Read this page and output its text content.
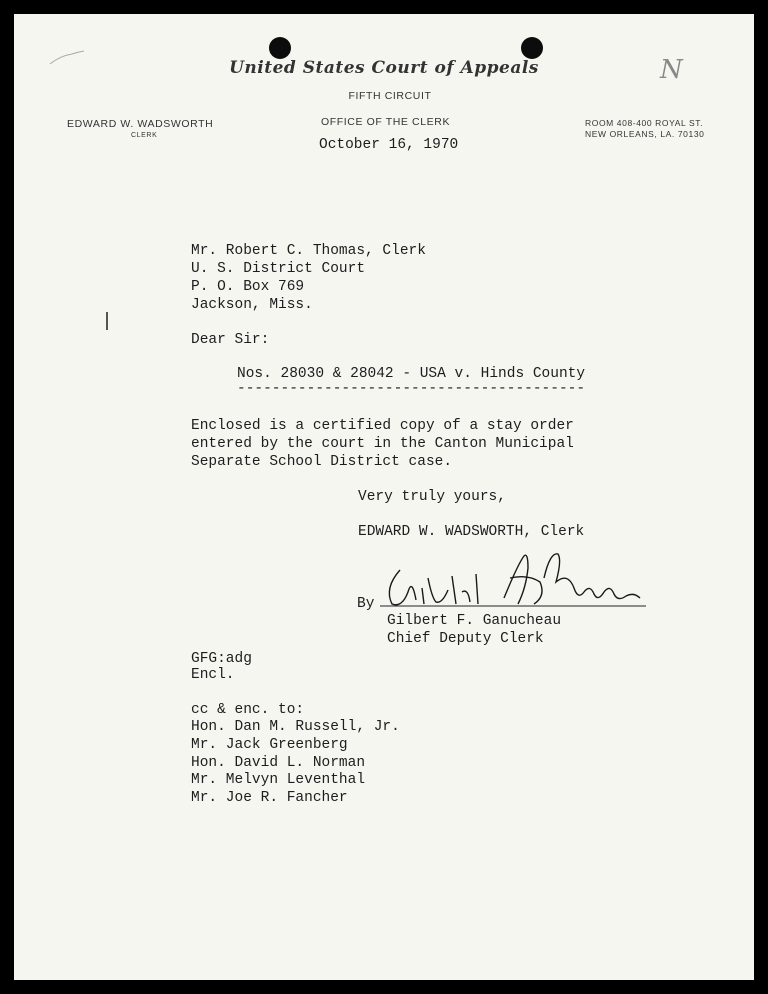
United States Court of Appeals
FIFTH CIRCUIT
EDWARD W. WADSWORTH
CLERK
OFFICE OF THE CLERK	ROOM 408-400 ROYAL ST.
NEW ORLEANS, LA. 70130
N
October 16, 1970
Mr. Robert C. Thomas, Clerk
U. S. District Court
P. O. Box 769
Jackson, Miss.
Dear Sir:
Nos. 28030 & 28042 - USA v. Hinds County
----------------------------------------
Enclosed is a certified copy of a stay order
entered by the court in the Canton Municipal
Separate School District case.
Very truly yours,
EDWARD W. WADSWORTH, Clerk
By
Gilbert F. Ganucheau
Chief Deputy Clerk
GFG:adg
Encl.
cc & enc. to:
Hon. Dan M. Russell, Jr.
Mr. Jack Greenberg
Hon. David L. Norman
Mr. Melvyn Leventhal
Mr. Joe R. Fancher
